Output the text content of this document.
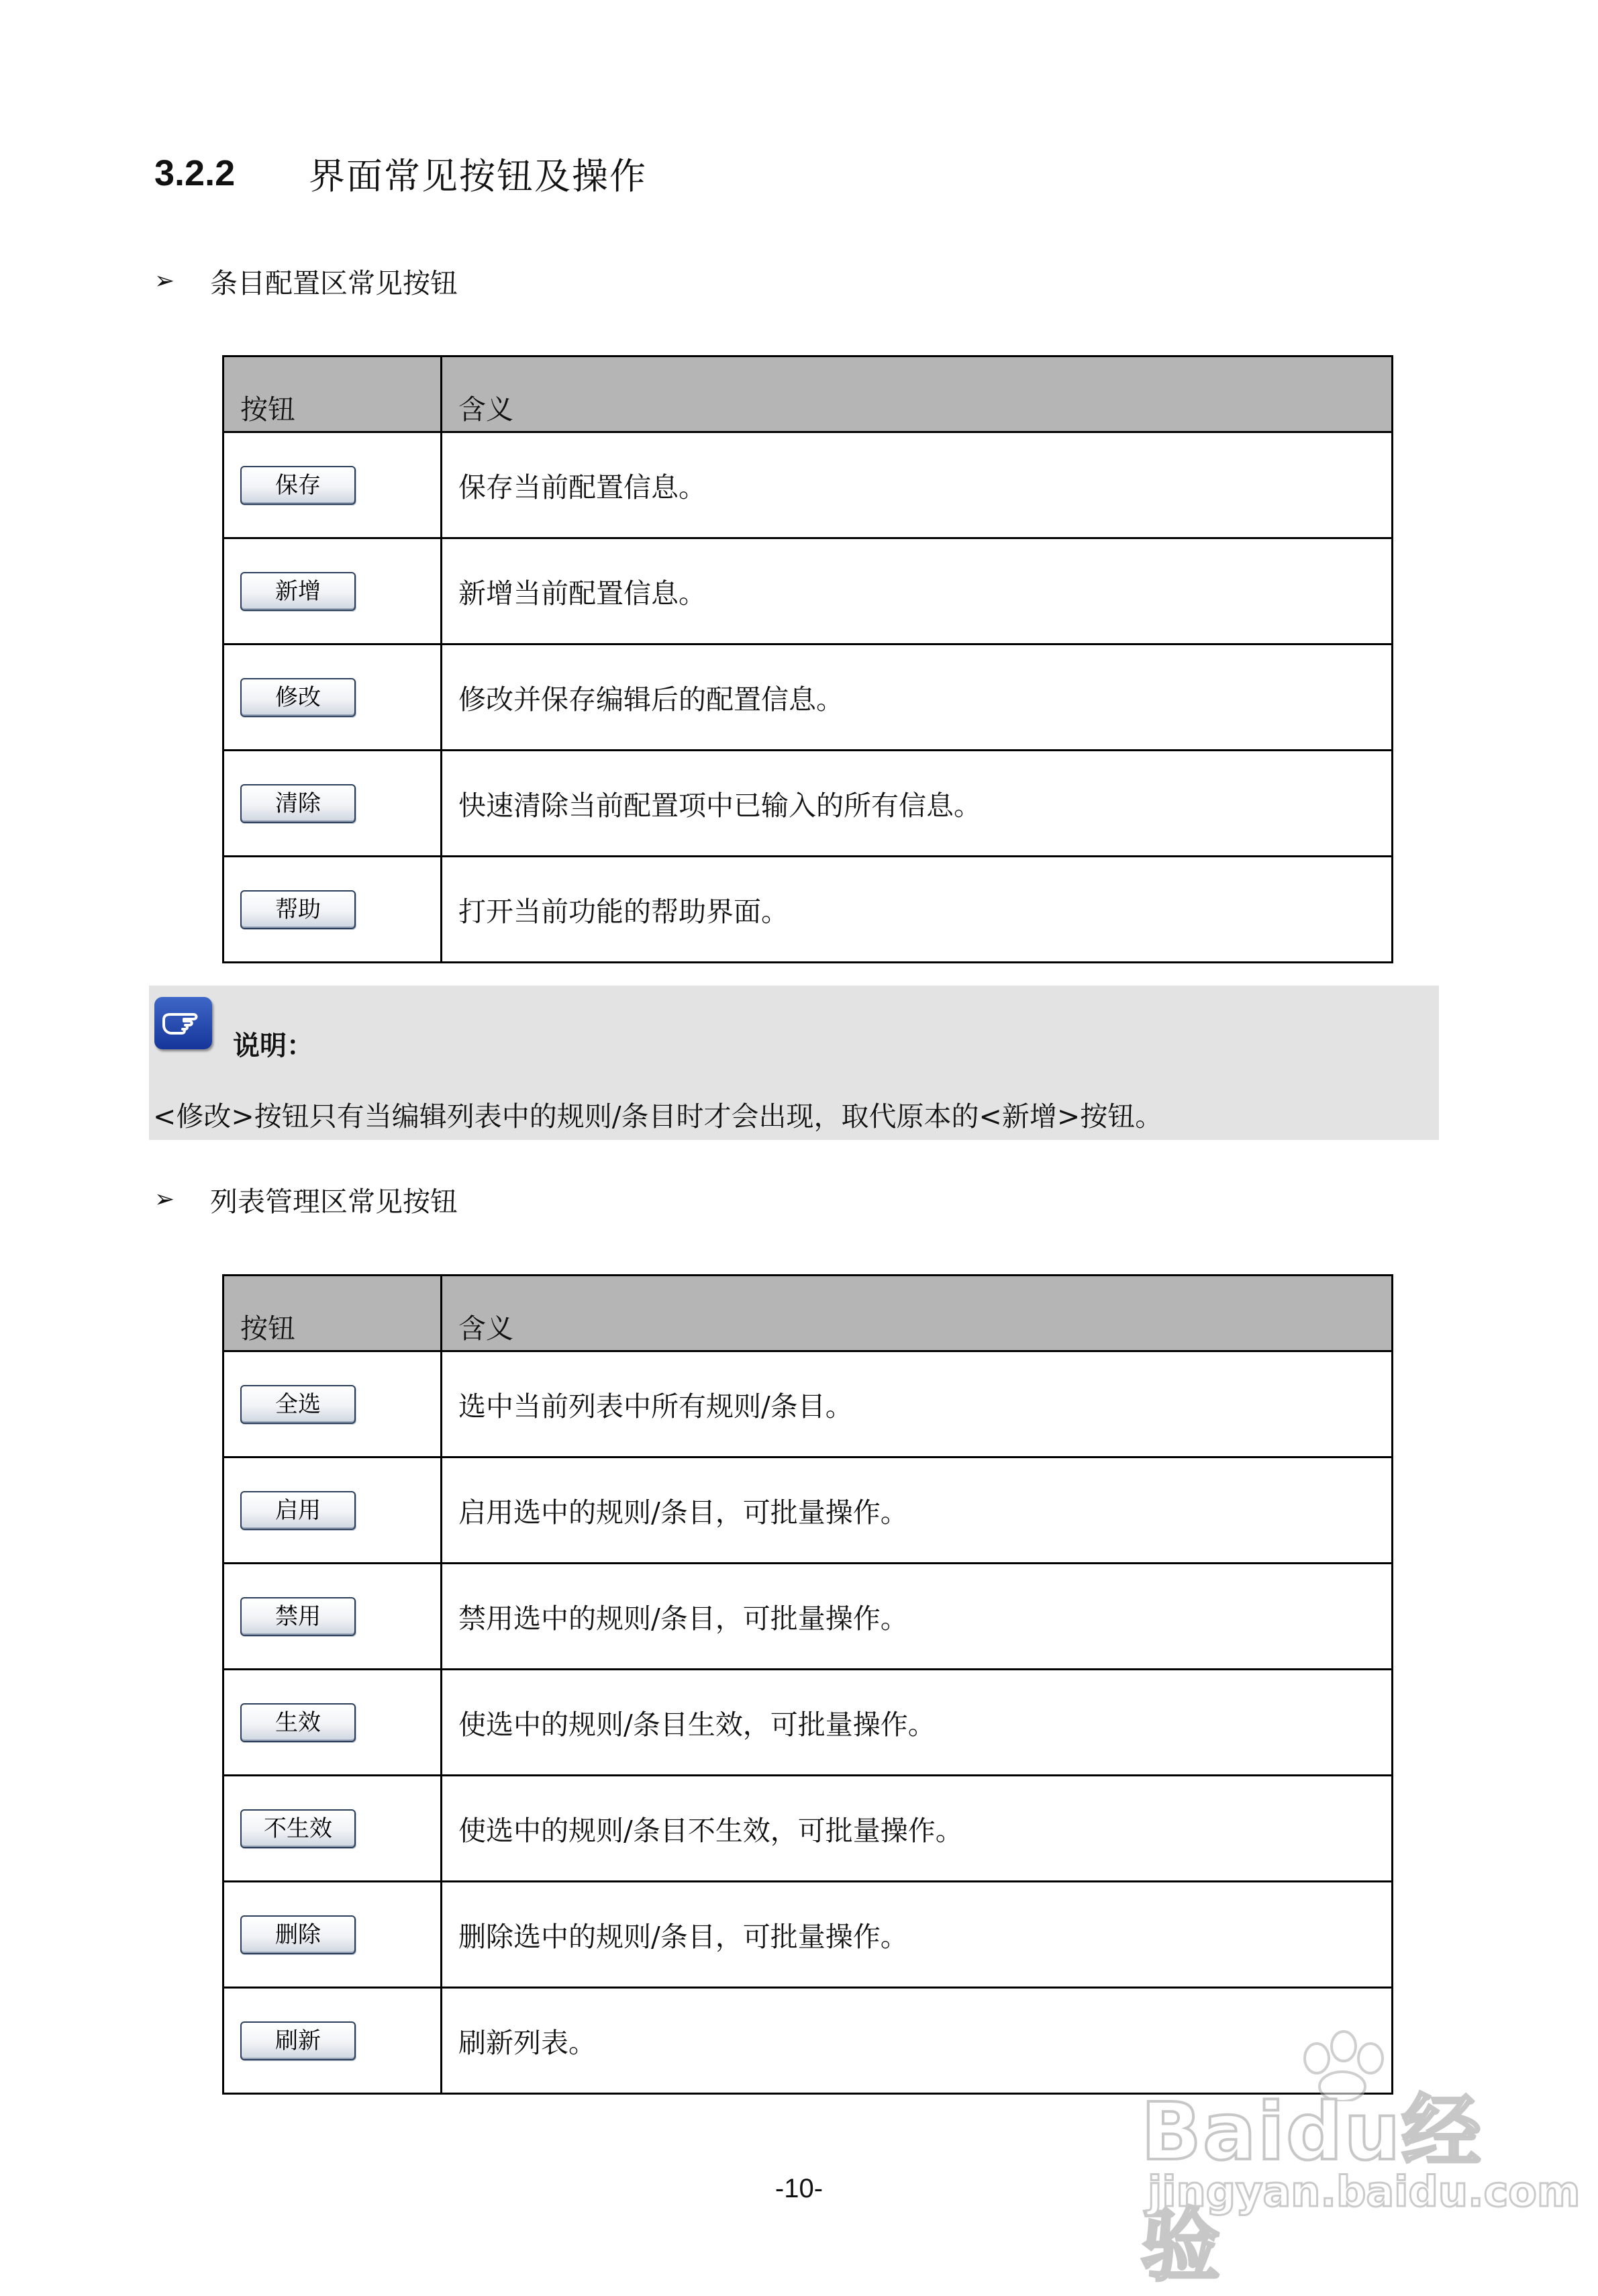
3.2.2	界面常见按钮及操作
➢	条目配置区常见按钮
按钮	含义
保存	保存当前配置信息。
新增	新增当前配置信息。
修改	修改并保存编辑后的配置信息。
清除	快速清除当前配置项中已输入的所有信息。
帮助	打开当前功能的帮助界面。
说明：
<修改>按钮只有当编辑列表中的规则/条目时才会出现，取代原本的<新增>按钮。
➢	列表管理区常见按钮
按钮	含义
全选	选中当前列表中所有规则/条目。
启用	启用选中的规则/条目，可批量操作。
禁用	禁用选中的规则/条目，可批量操作。
生效	使选中的规则/条目生效，可批量操作。
不生效	使选中的规则/条目不生效，可批量操作。
删除	删除选中的规则/条目，可批量操作。
刷新	刷新列表。
-10-
Baidu经验
jingyan.baidu.com
